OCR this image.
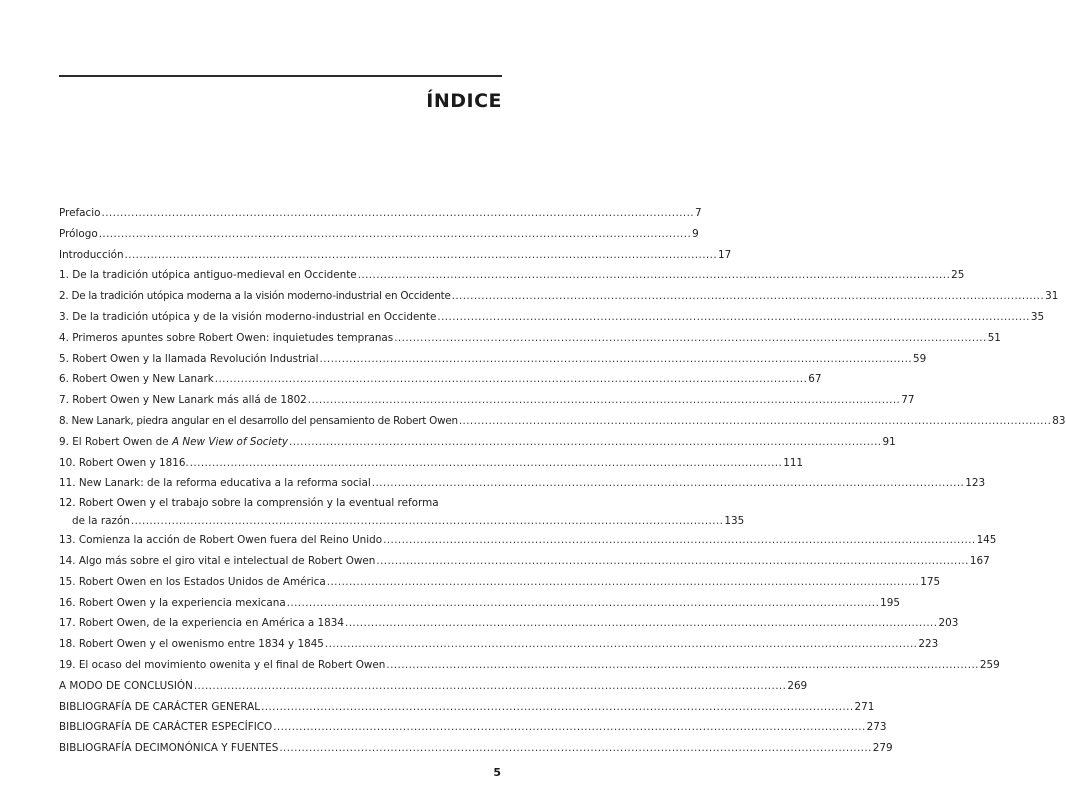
ÍNDICE
Prefacio ................................................................................................................................................................ 7
Prólogo ................................................................................................................................................................ 9
Introducción ................................................................................................................................................................ 17
1. De la tradición utópica antiguo-medieval en Occidente ................................................................................................................................................................ 25
2. De la tradición utópica moderna a la visión moderno-industrial en Occidente ................................................................................................................................................................ 31
3. De la tradición utópica y de la visión moderno-industrial en Occidente ................................................................................................................................................................ 35
4. Primeros apuntes sobre Robert Owen: inquietudes tempranas ................................................................................................................................................................ 51
5. Robert Owen y la llamada Revolución Industrial ................................................................................................................................................................ 59
6. Robert Owen y New Lanark ................................................................................................................................................................ 67
7. Robert Owen y New Lanark más allá de 1802 ................................................................................................................................................................ 77
8. New Lanark, piedra angular en el desarrollo del pensamiento de Robert Owen ................................................................................................................................................................ 83
9. El Robert Owen de A New View of Society ................................................................................................................................................................ 91
10. Robert Owen y 1816. ................................................................................................................................................................ 111
11. New Lanark: de la reforma educativa a la reforma social ................................................................................................................................................................ 123
12. Robert Owen y el trabajo sobre la comprensión y la eventual reforma
de la razón ................................................................................................................................................................ 135
13. Comienza la acción de Robert Owen fuera del Reino Unido ................................................................................................................................................................ 145
14. Algo más sobre el giro vital e intelectual de Robert Owen ................................................................................................................................................................ 167
15. Robert Owen en los Estados Unidos de América ................................................................................................................................................................ 175
16. Robert Owen y la experiencia mexicana ................................................................................................................................................................ 195
17. Robert Owen, de la experiencia en América a 1834 ................................................................................................................................................................ 203
18. Robert Owen y el owenismo entre 1834 y 1845 ................................................................................................................................................................ 223
19. El ocaso del movimiento owenita y el final de Robert Owen ................................................................................................................................................................ 259
A MODO DE CONCLUSIÓN ................................................................................................................................................................ 269
BIBLIOGRAFÍA DE CARÁCTER GENERAL ................................................................................................................................................................ 271
BIBLIOGRAFÍA DE CARÁCTER ESPECÍFICO ................................................................................................................................................................ 273
BIBLIOGRAFÍA DECIMONÓNICA Y FUENTES ................................................................................................................................................................ 279
5
